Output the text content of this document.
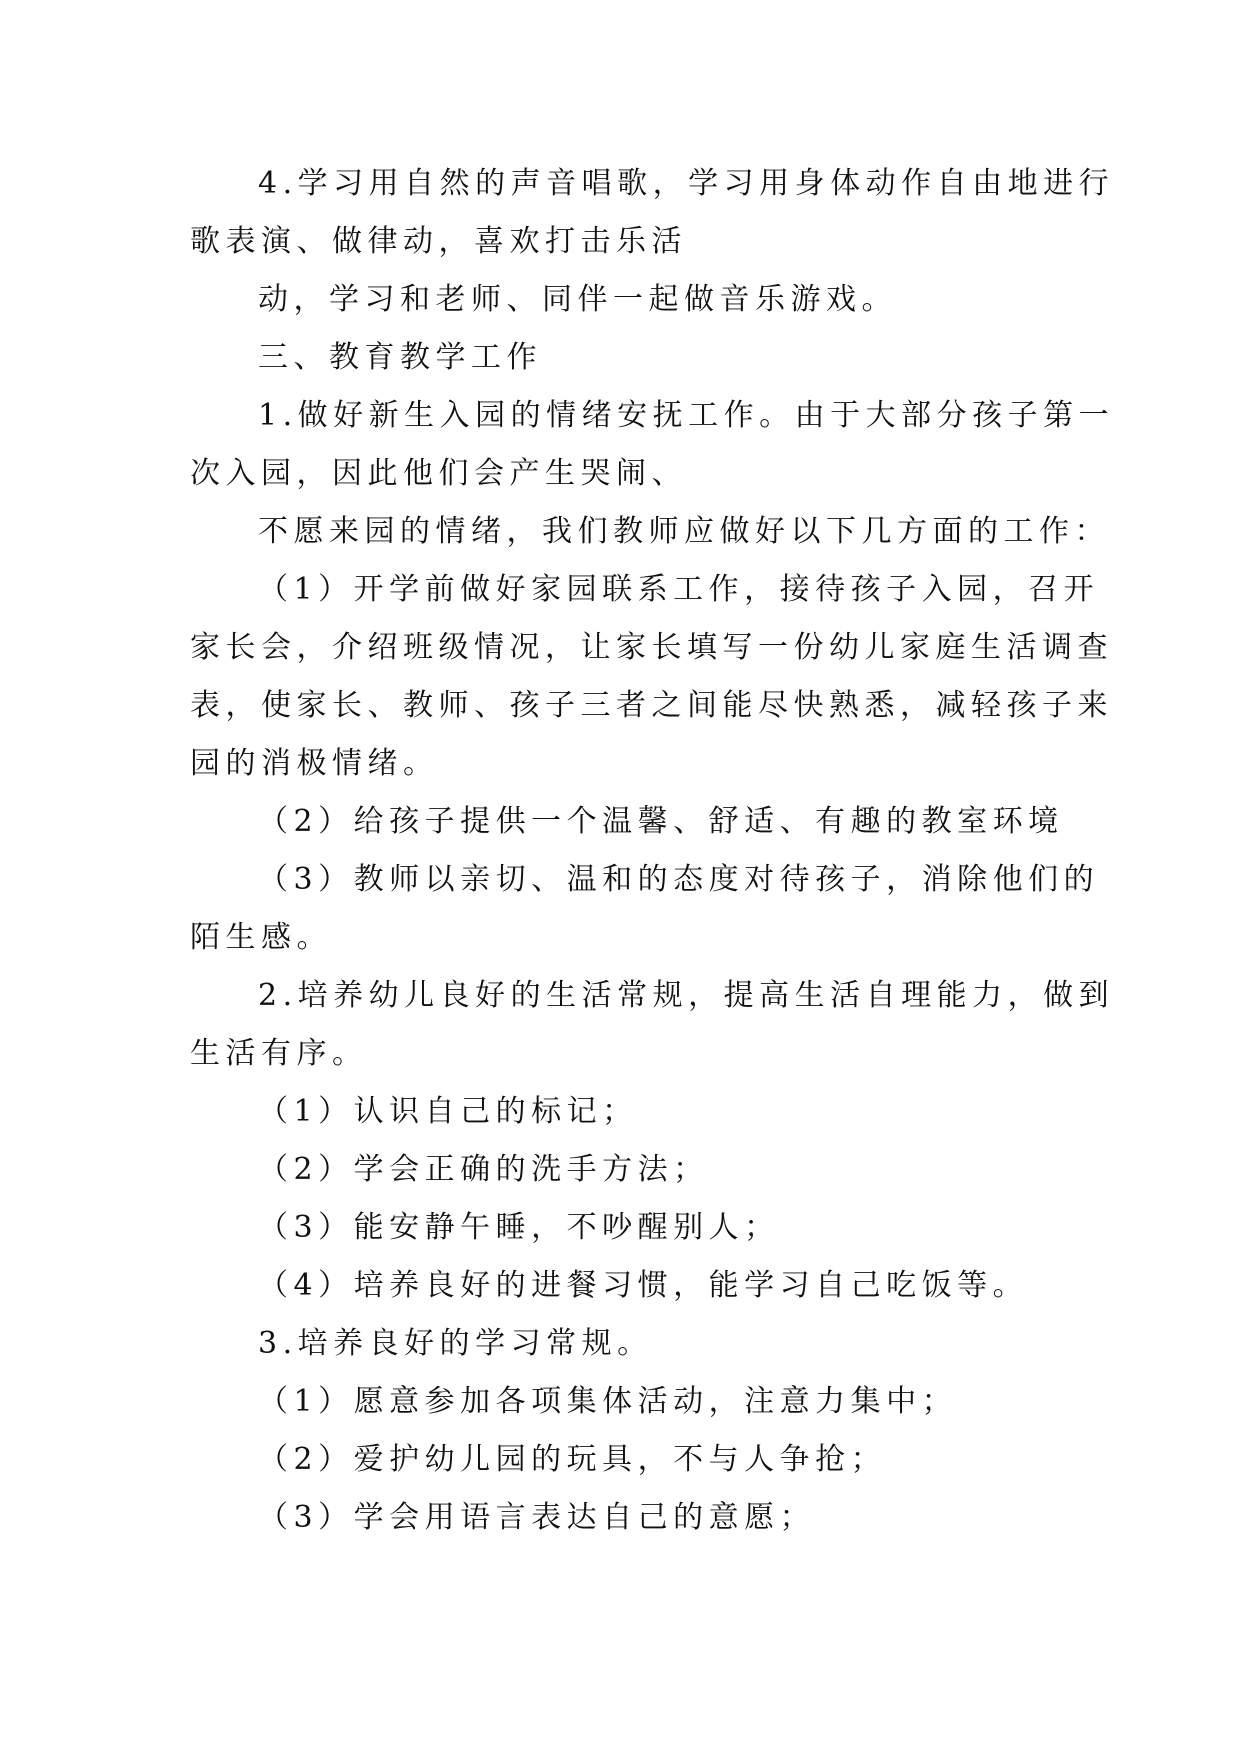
4.学习用自然的声音唱歌，学习用身体动作自由地进行
歌表演、做律动，喜欢打击乐活
动，学习和老师、同伴一起做音乐游戏。
三、教育教学工作
1.做好新生入园的情绪安抚工作。由于大部分孩子第一
次入园，因此他们会产生哭闹、
不愿来园的情绪，我们教师应做好以下几方面的工作：
（1）开学前做好家园联系工作，接待孩子入园，召开
家长会，介绍班级情况，让家长填写一份幼儿家庭生活调查
表，使家长、教师、孩子三者之间能尽快熟悉，减轻孩子来
园的消极情绪。
（2）给孩子提供一个温馨、舒适、有趣的教室环境
（3）教师以亲切、温和的态度对待孩子，消除他们的
陌生感。
2.培养幼儿良好的生活常规，提高生活自理能力，做到
生活有序。
（1）认识自己的标记；
（2）学会正确的洗手方法；
（3）能安静午睡，不吵醒别人；
（4）培养良好的进餐习惯，能学习自己吃饭等。
3.培养良好的学习常规。
（1）愿意参加各项集体活动，注意力集中；
（2）爱护幼儿园的玩具，不与人争抢；
（3）学会用语言表达自己的意愿；
